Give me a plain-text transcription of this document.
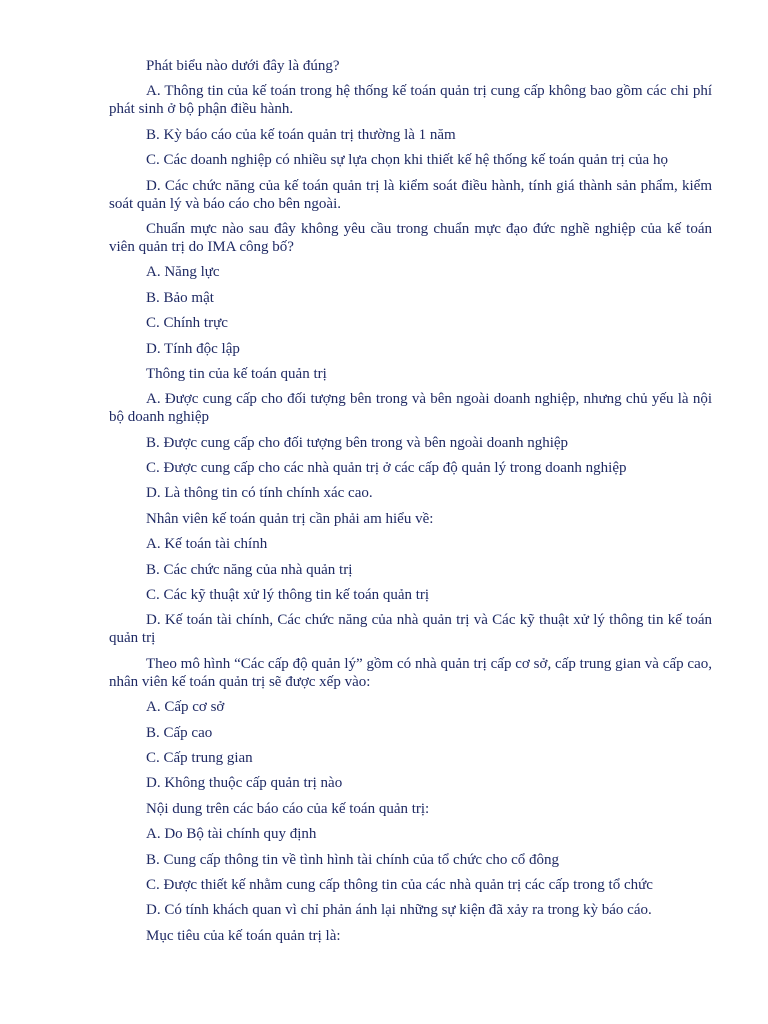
Phát biểu nào dưới đây là đúng?

A. Thông tin của kế toán trong hệ thống kế toán quản trị cung cấp không bao gồm các chi phí phát sinh ở bộ phận điều hành.

B. Kỳ báo cáo của kế toán quản trị thường là 1 năm

C. Các doanh nghiệp có nhiều sự lựa chọn khi thiết kế hệ thống kế toán quản trị của họ

D. Các chức năng của kế toán quản trị là kiểm soát điều hành, tính giá thành sản phẩm, kiểm soát quản lý và báo cáo cho bên ngoài.

Chuẩn mực nào sau đây không yêu cầu trong chuẩn mực đạo đức nghề nghiệp của kế toán viên quản trị do IMA công bố?

A. Năng lực

B. Bảo mật

C. Chính trực

D. Tính độc lập

Thông tin của kế toán quản trị

A. Được cung cấp cho đối tượng bên trong và bên ngoài doanh nghiệp, nhưng chủ yếu là nội bộ doanh nghiệp

B. Được cung cấp cho đối tượng bên trong và bên ngoài doanh nghiệp

C. Được cung cấp cho các nhà quản trị ở các cấp độ quản lý trong doanh nghiệp

D. Là thông tin có tính chính xác cao.

Nhân viên kế toán quản trị cần phải am hiểu về:

A. Kế toán tài chính

B. Các chức năng của nhà quản trị

C. Các kỹ thuật xử lý thông tin kế toán quản trị

D. Kế toán tài chính, Các chức năng của nhà quản trị và Các kỹ thuật xử lý thông tin kế toán quản trị

Theo mô hình “Các cấp độ quản lý” gồm có nhà quản trị cấp cơ sở, cấp trung gian và cấp cao, nhân viên kế toán quản trị sẽ được xếp vào:

A. Cấp cơ sở

B. Cấp cao

C. Cấp trung gian

D. Không thuộc cấp quản trị nào

Nội dung trên các báo cáo của kế toán quản trị:

A. Do Bộ tài chính quy định

B. Cung cấp thông tin về tình hình tài chính của tổ chức cho cổ đông

C. Được thiết kế nhằm cung cấp thông tin của các nhà quản trị các cấp trong tổ chức

D. Có tính khách quan vì chỉ phản ánh lại những sự kiện đã xảy ra trong kỳ báo cáo.

Mục tiêu của kế toán quản trị là:
